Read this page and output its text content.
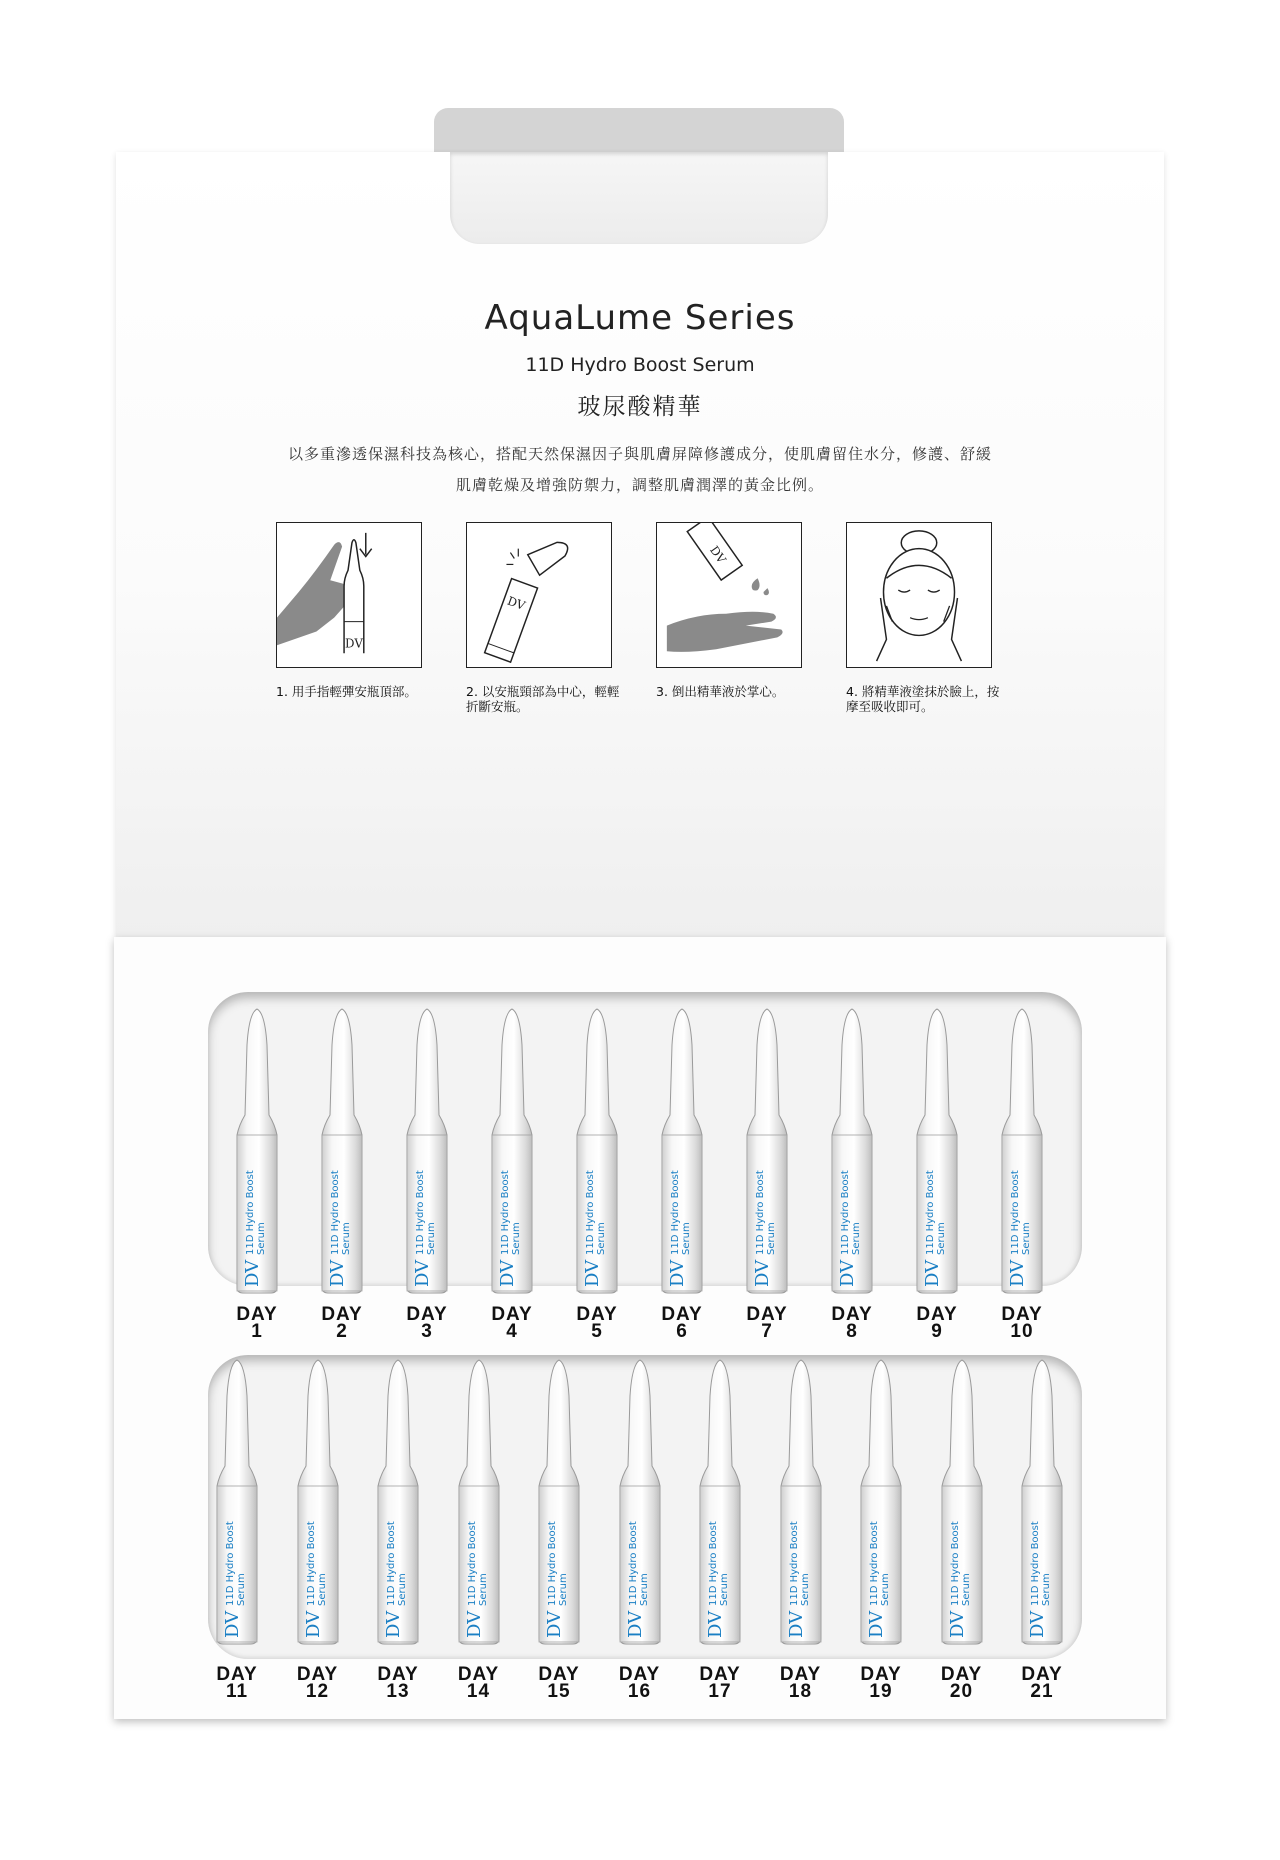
AquaLume Series
11D Hydro Boost Serum
玻尿酸精華
以多重滲透保濕科技為核心，搭配天然保濕因子與肌膚屏障修護成分，使肌膚留住水分，修護、舒緩
肌膚乾燥及增強防禦力，調整肌膚潤澤的黃金比例。
DV
1. 用手指輕彈安瓶頂部。
DV
2. 以安瓶頸部為中心，輕輕折斷安瓶。
DV
3. 倒出精華液於掌心。	4. 將精華液塗抹於臉上，按摩至吸收即可。
DV
11D Hydro Boost Serum
DAY
1
DV
11D Hydro Boost Serum
DAY
2
DV
11D Hydro Boost Serum
DAY
3
DV
11D Hydro Boost Serum
DAY
4
DV
11D Hydro Boost Serum
DAY
5
DV
11D Hydro Boost Serum
DAY
6
DV
11D Hydro Boost Serum
DAY
7
DV
11D Hydro Boost Serum
DAY
8
DV
11D Hydro Boost Serum
DAY
9
DV
11D Hydro Boost Serum
DAY
10
DV
11D Hydro Boost Serum
DAY
11
DV
11D Hydro Boost Serum
DAY
12
DV
11D Hydro Boost Serum
DAY
13
DV
11D Hydro Boost Serum
DAY
14
DV
11D Hydro Boost Serum
DAY
15
DV
11D Hydro Boost Serum
DAY
16
DV
11D Hydro Boost Serum
DAY
17
DV
11D Hydro Boost Serum
DAY
18
DV
11D Hydro Boost Serum
DAY
19
DV
11D Hydro Boost Serum
DAY
20
DV
11D Hydro Boost Serum
DAY
21
